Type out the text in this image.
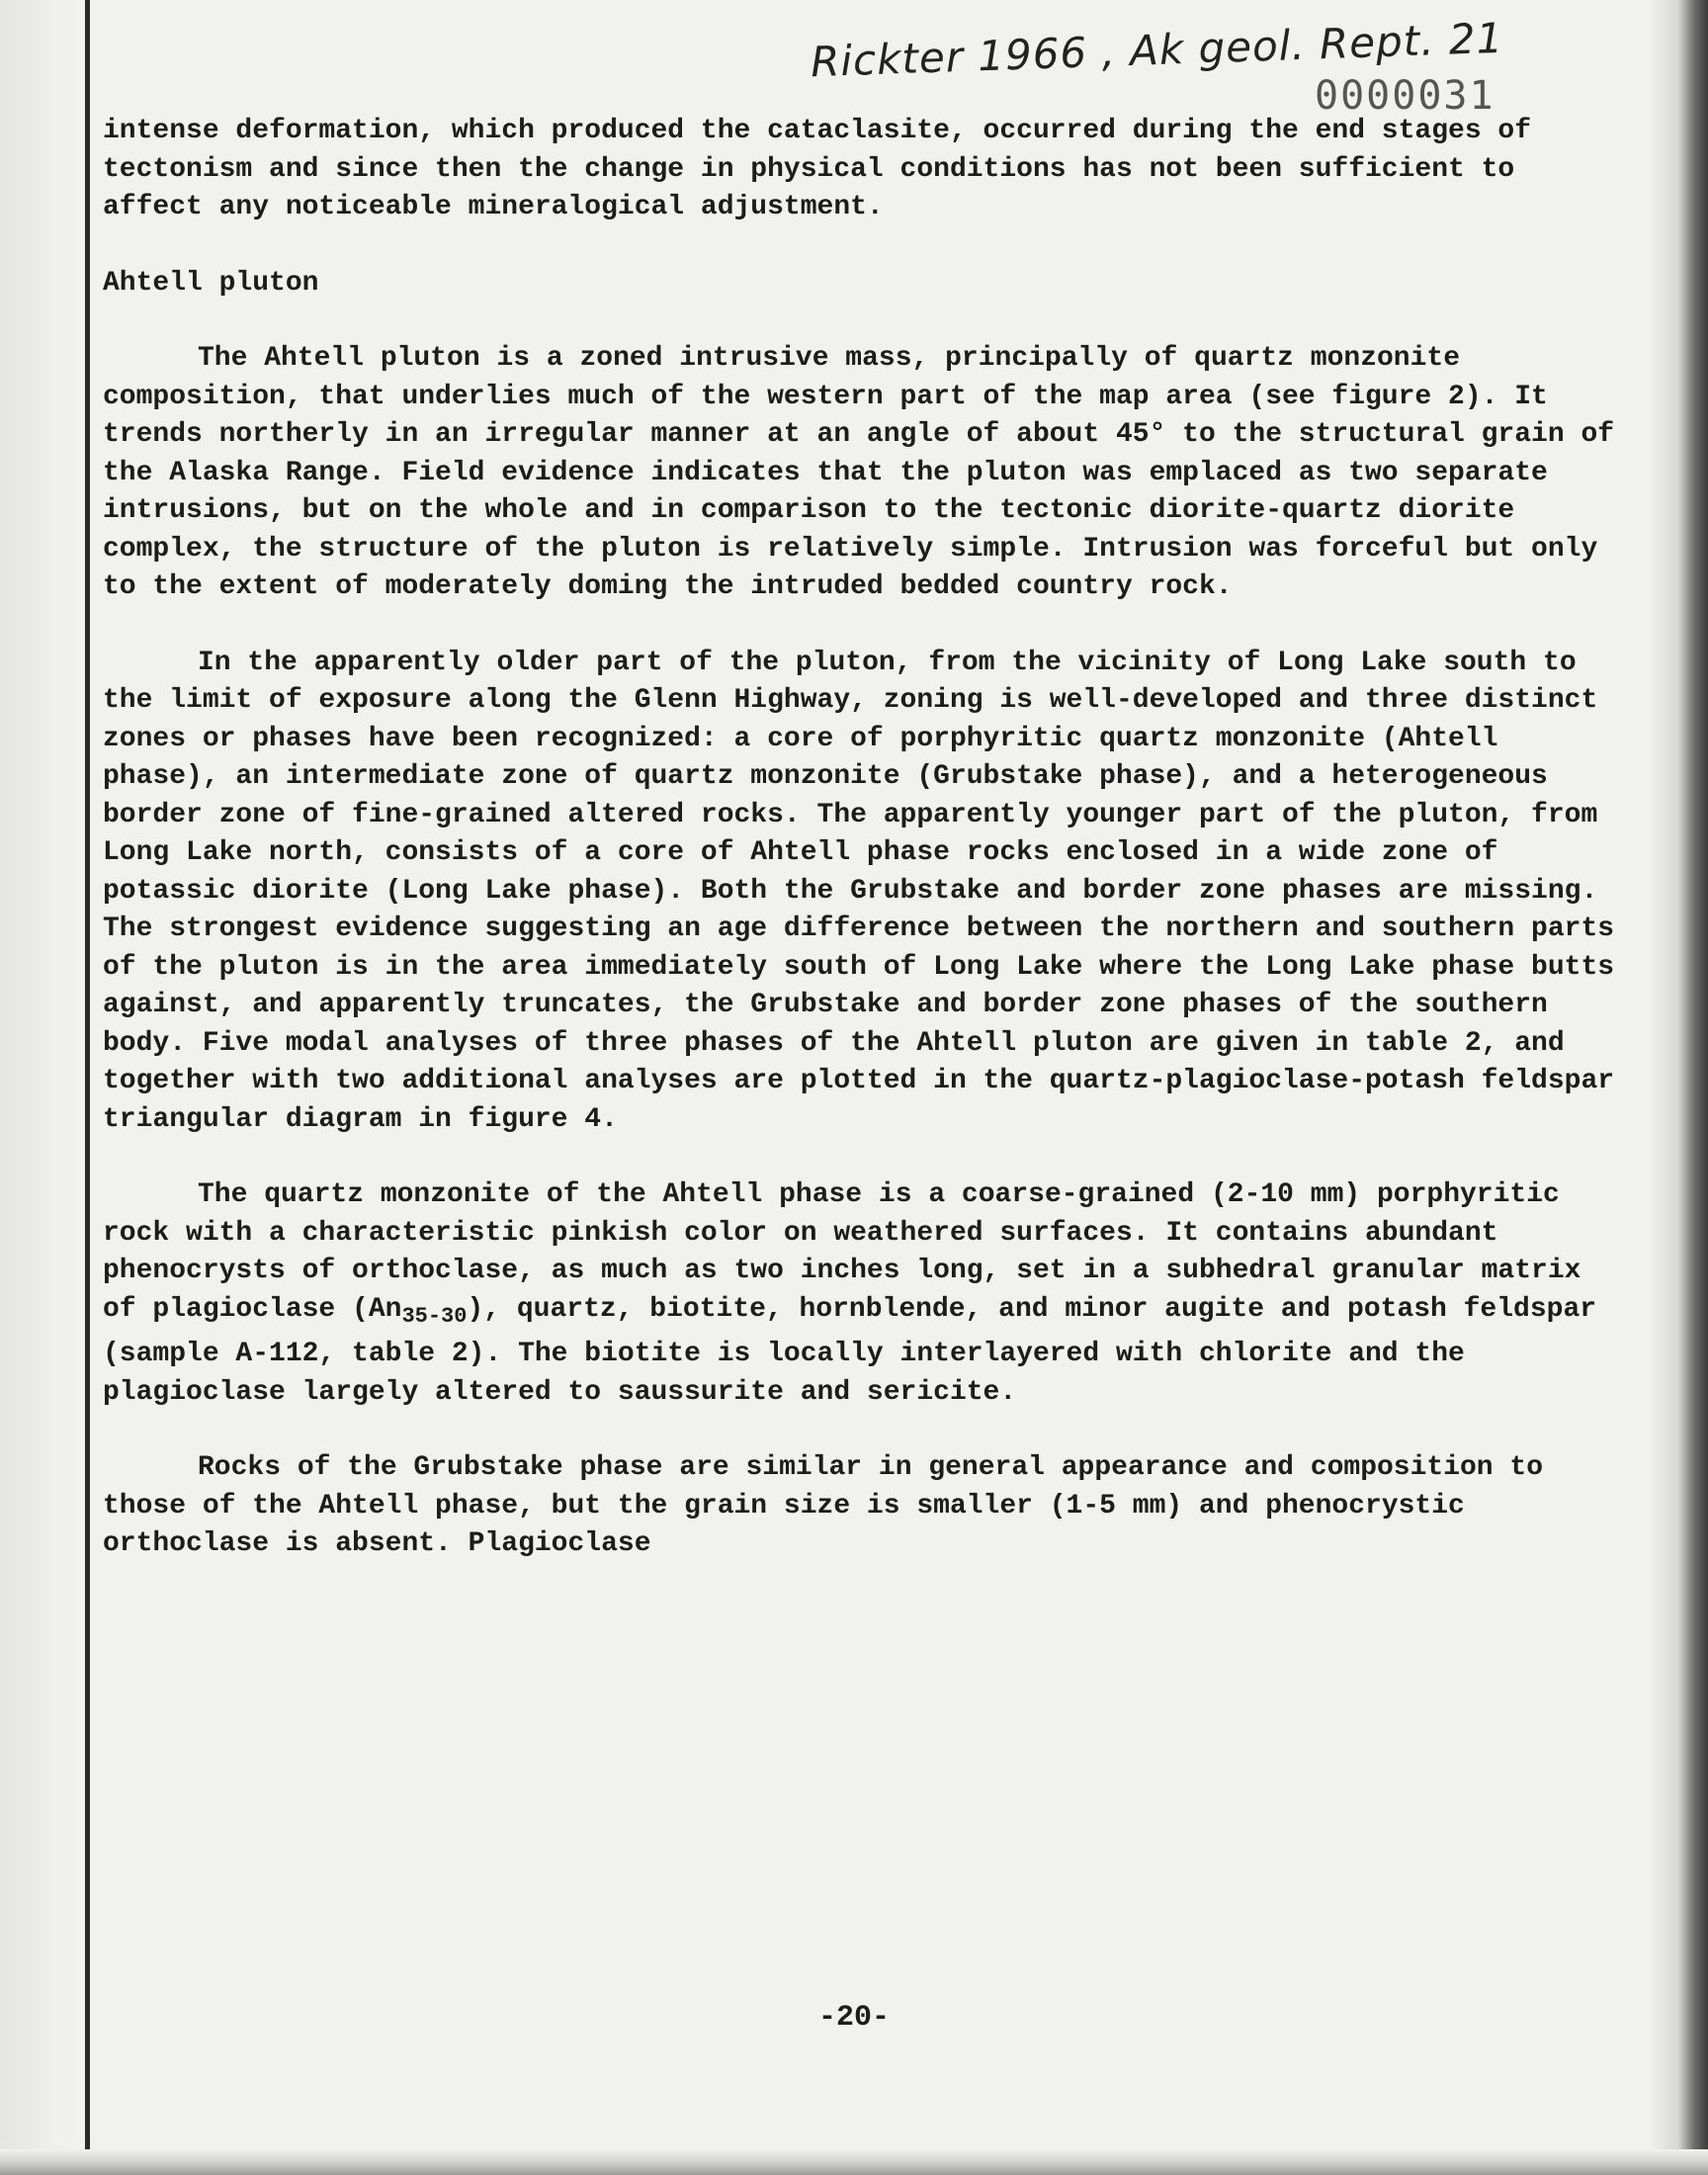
Rickter 1966 , Ak geol. Rept. 21
0000031

intense deformation, which produced the cataclasite, occurred during the end stages of tectonism and since then the change in physical conditions has not been sufficient to affect any noticeable mineralogical adjustment.

Ahtell pluton

The Ahtell pluton is a zoned intrusive mass, principally of quartz monzonite composition, that underlies much of the western part of the map area (see figure 2). It trends northerly in an irregular manner at an angle of about 45° to the structural grain of the Alaska Range. Field evidence indicates that the pluton was emplaced as two separate intrusions, but on the whole and in comparison to the tectonic diorite-quartz diorite complex, the structure of the pluton is relatively simple. Intrusion was forceful but only to the extent of moderately doming the intruded bedded country rock.

In the apparently older part of the pluton, from the vicinity of Long Lake south to the limit of exposure along the Glenn Highway, zoning is well-developed and three distinct zones or phases have been recognized: a core of porphyritic quartz monzonite (Ahtell phase), an intermediate zone of quartz monzonite (Grubstake phase), and a heterogeneous border zone of fine-grained altered rocks. The apparently younger part of the pluton, from Long Lake north, consists of a core of Ahtell phase rocks enclosed in a wide zone of potassic diorite (Long Lake phase). Both the Grubstake and border zone phases are missing. The strongest evidence suggesting an age difference between the northern and southern parts of the pluton is in the area immediately south of Long Lake where the Long Lake phase butts against, and apparently truncates, the Grubstake and border zone phases of the southern body. Five modal analyses of three phases of the Ahtell pluton are given in table 2, and together with two additional analyses are plotted in the quartz-plagioclase-potash feldspar triangular diagram in figure 4.

The quartz monzonite of the Ahtell phase is a coarse-grained (2-10 mm) porphyritic rock with a characteristic pinkish color on weathered surfaces. It contains abundant phenocrysts of orthoclase, as much as two inches long, set in a subhedral granular matrix of plagioclase $(An_{35-30})$, quartz, biotite, hornblende, and minor augite and potash feldspar (sample A-112, table 2). The biotite is locally interlayered with chlorite and the plagioclase largely altered to saussurite and sericite.

Rocks of the Grubstake phase are similar in general appearance and composition to those of the Ahtell phase, but the grain size is smaller (1-5 mm) and phenocrystic orthoclase is absent. Plagioclase

-20-
